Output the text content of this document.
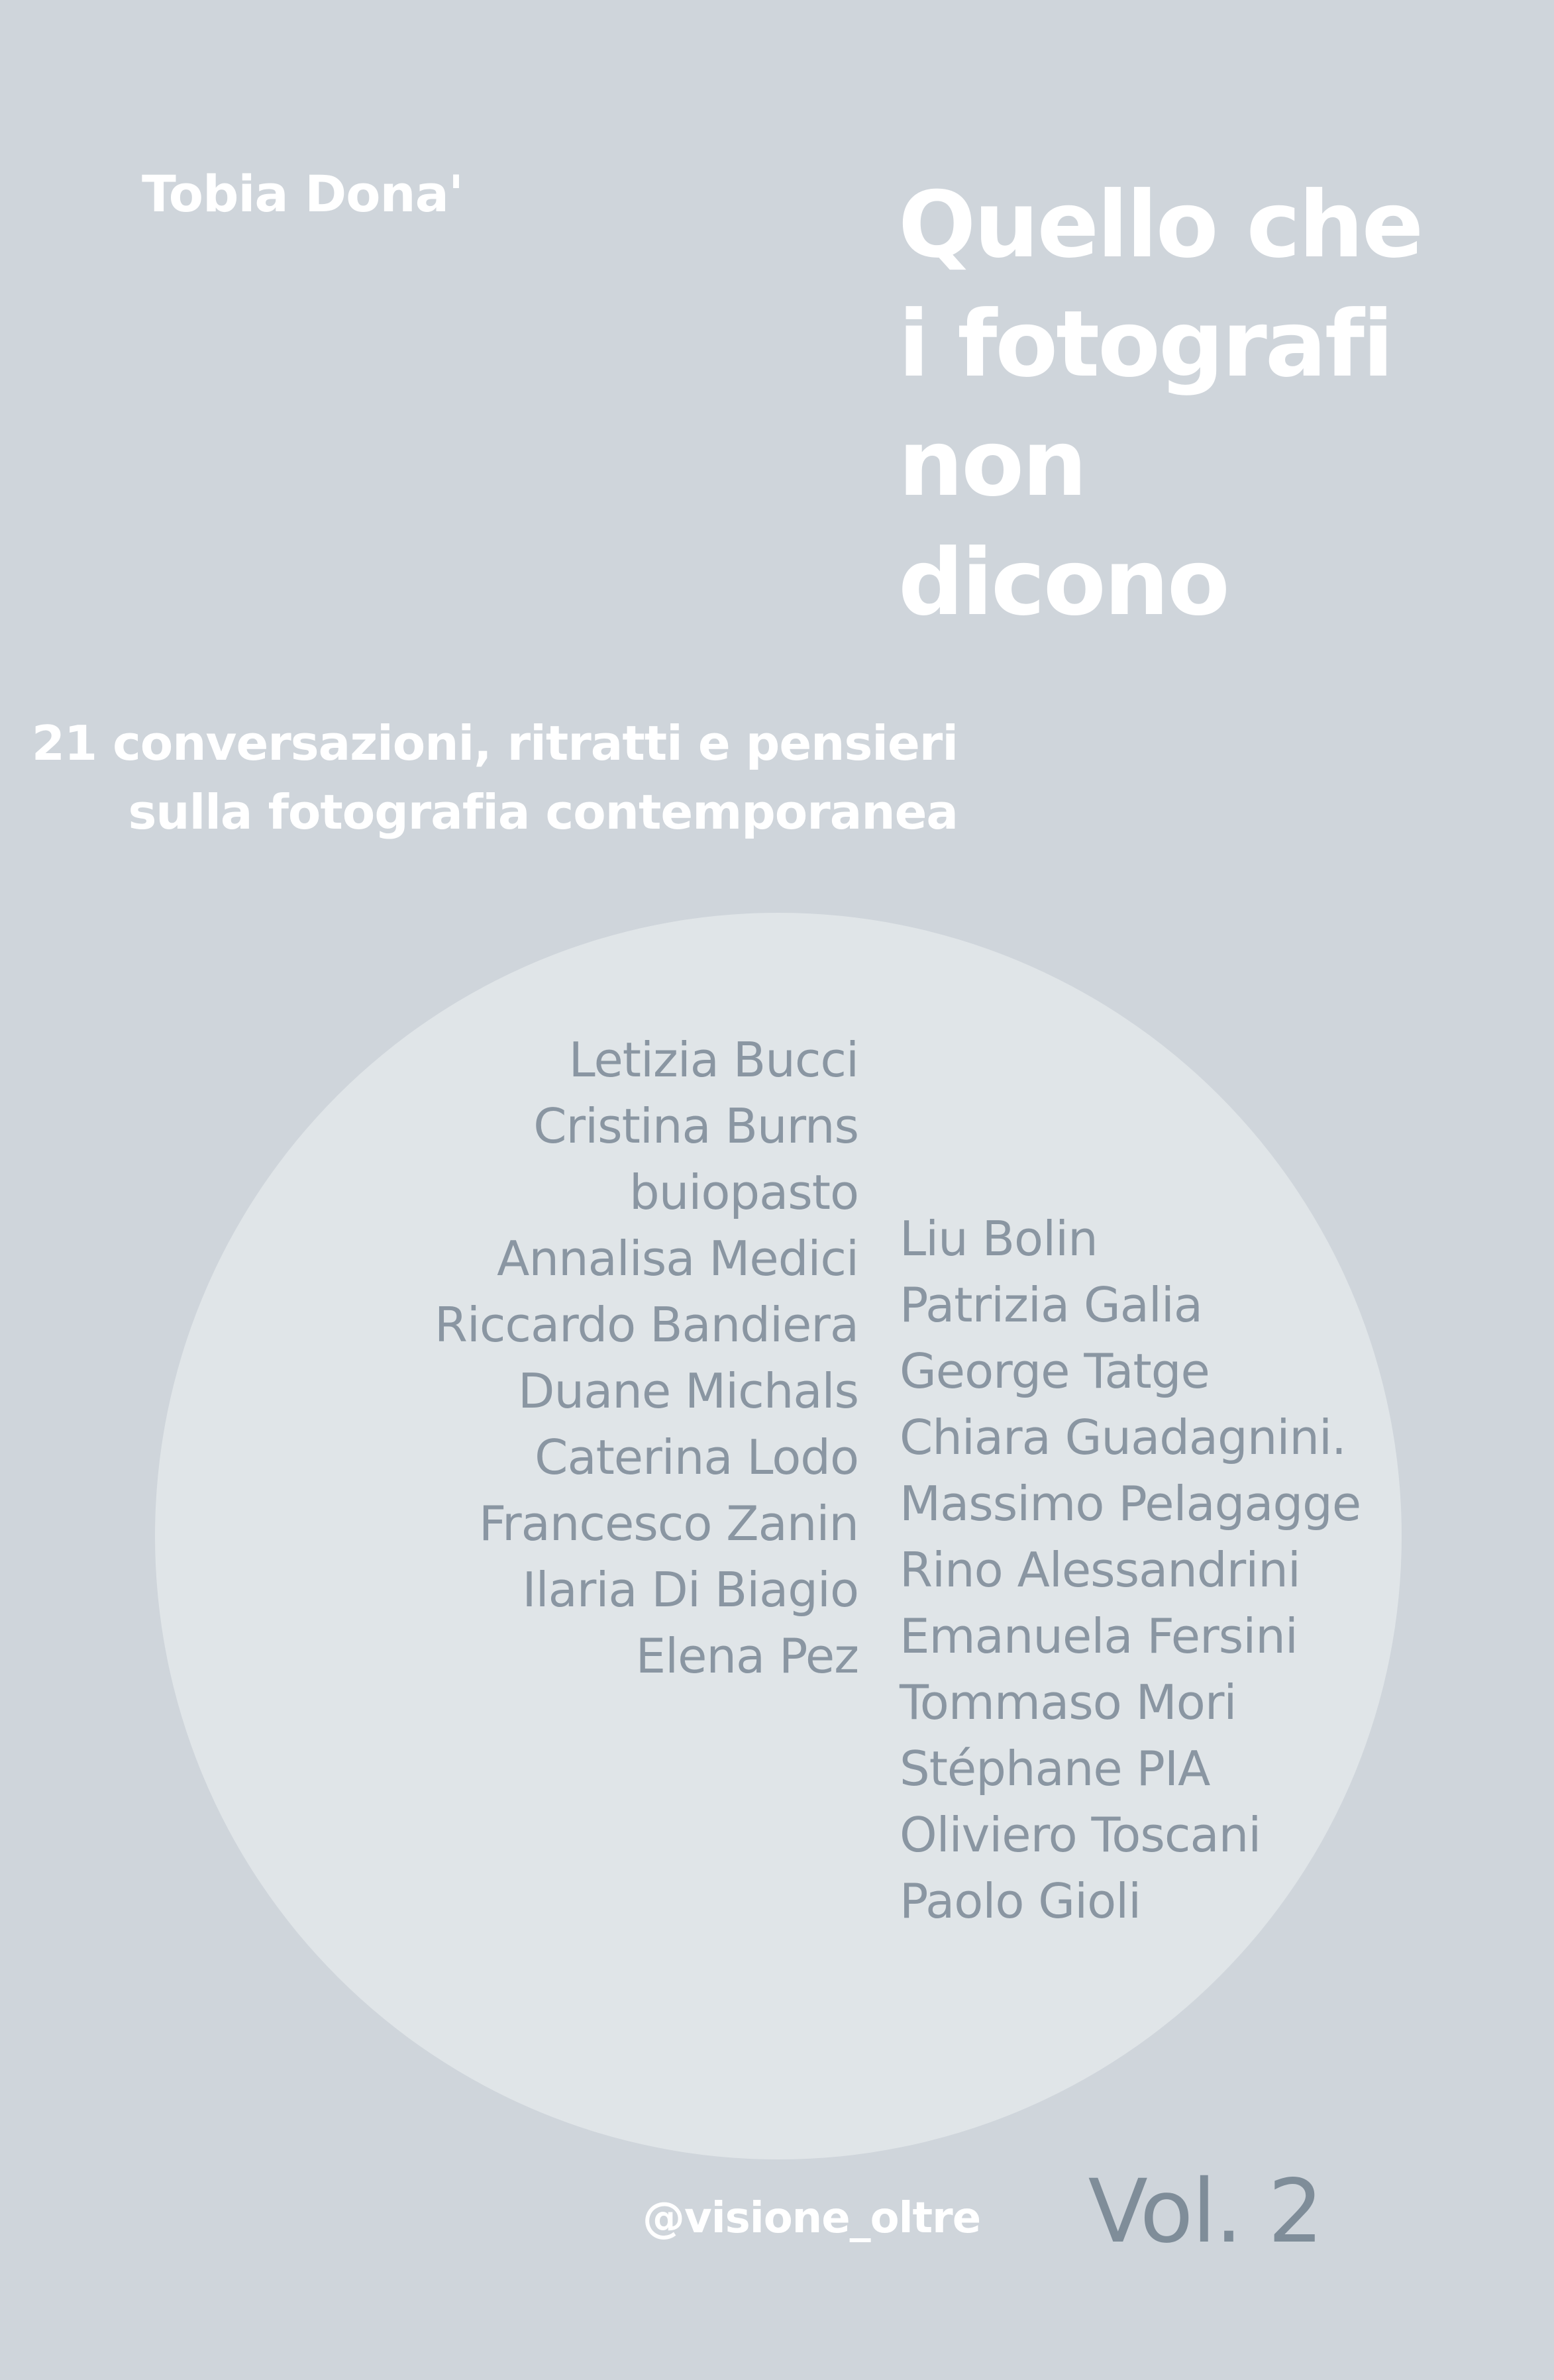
Tobia Dona'	Quello che
i fotografi
non
dicono
21 conversazioni, ritratti e pensieri
sulla fotografia contemporanea
Letizia Bucci
Cristina Burns
buiopasto
Annalisa Medici
Riccardo Bandiera
Duane Michals
Caterina Lodo
Francesco Zanin
Ilaria Di Biagio
Elena Pez
Liu Bolin
Patrizia Galia
George Tatge
Chiara Guadagnini.
Massimo Pelagagge
Rino Alessandrini
Emanuela Fersini
Tommaso Mori
Stéphane PIA
Oliviero Toscani
Paolo Gioli
@visione_oltre Vol. 2
